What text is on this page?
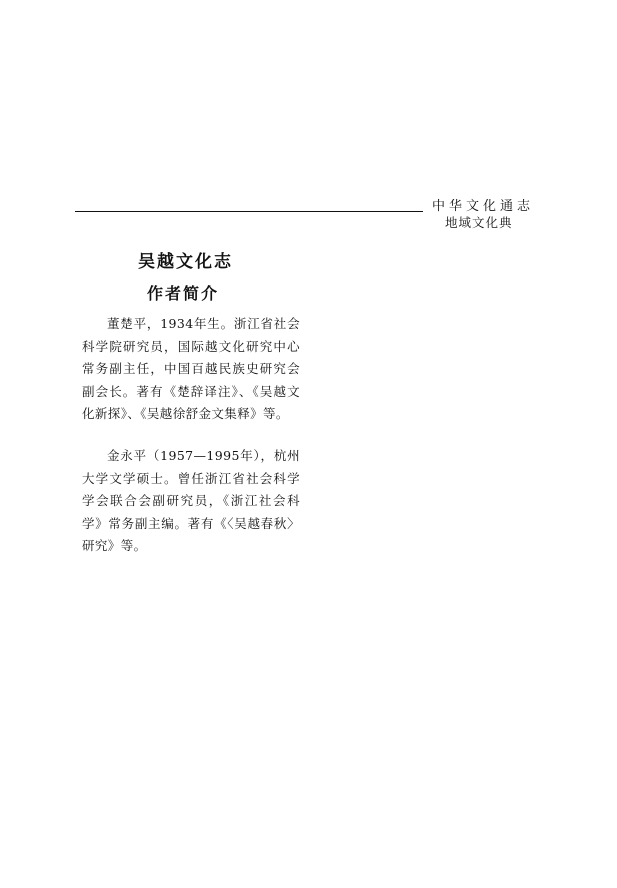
中华文化通志
地域文化典
吴越文化志
作者简介
董楚平，1934年生。浙江省社会科学院研究员，国际越文化研究中心常务副主任，中国百越民族史研究会副会长。著有《楚辞译注》、《吴越文化新探》、《吴越徐舒金文集释》等。
金永平（1957—1995年），杭州大学文学硕士。曾任浙江省社会科学学会联合会副研究员，《浙江社会科学》常务副主编。著有《〈吴越春秋〉研究》等。
